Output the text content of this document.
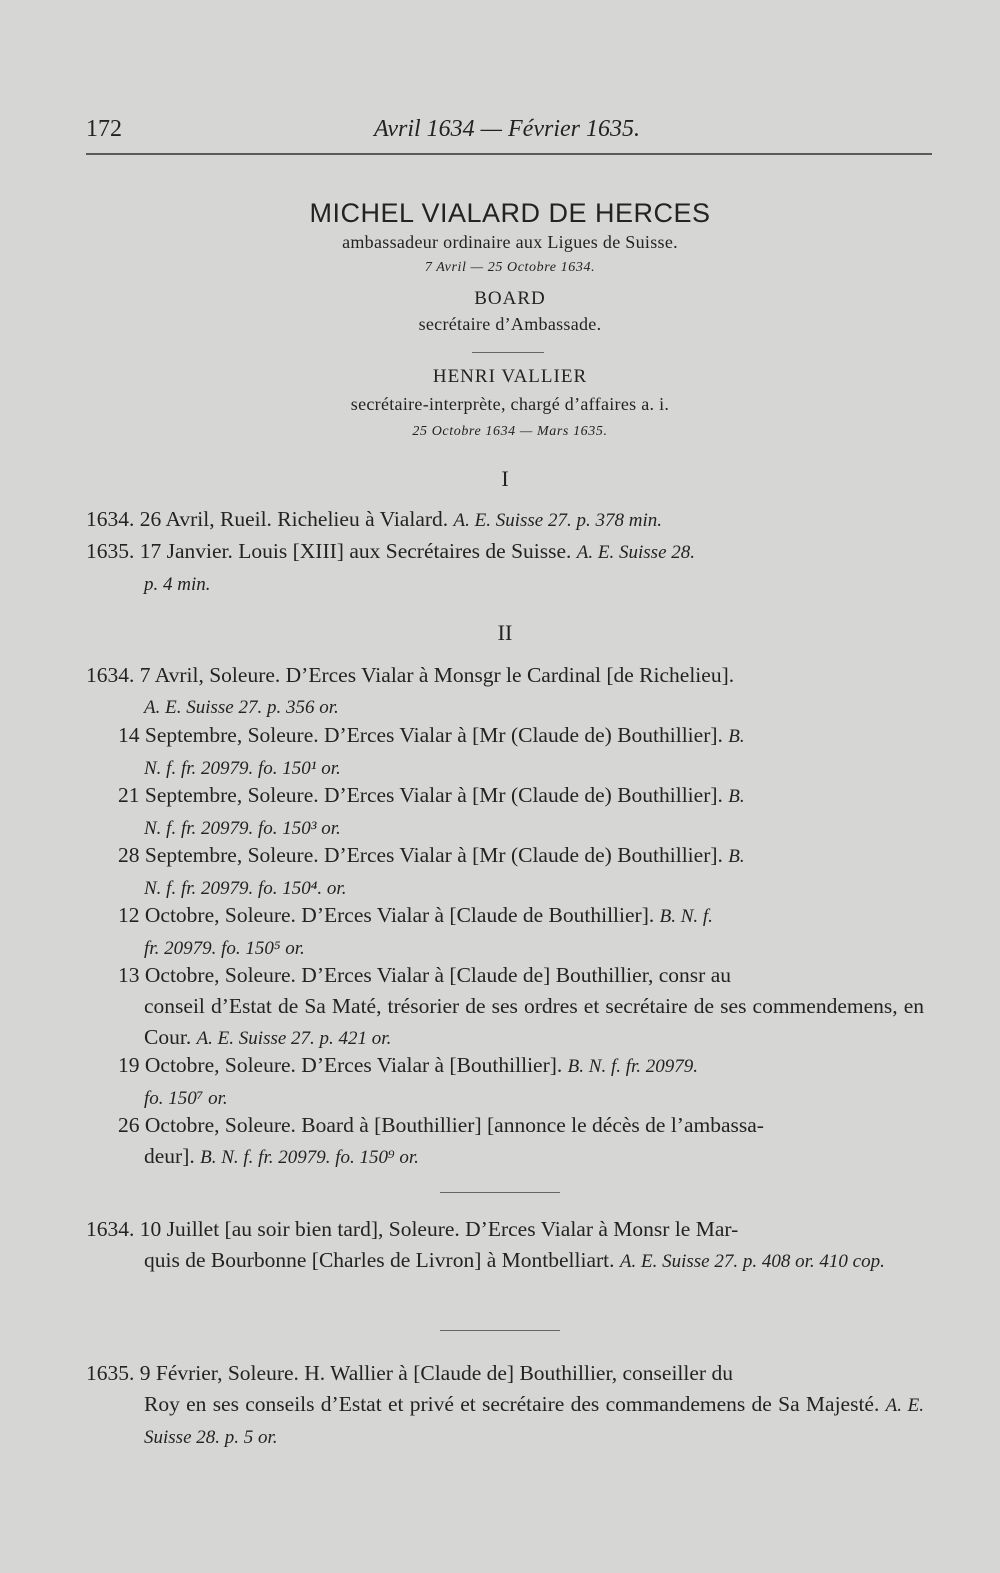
172	Avril 1634 — Février 1635.
MICHEL VIALARD DE HERCES
ambassadeur ordinaire aux Ligues de Suisse.
7 Avril — 25 Octobre 1634.
BOARD
secrétaire d’Ambassade.
HENRI VALLIER
secrétaire-interprète, chargé d’affaires a. i.
25 Octobre 1634 — Mars 1635.
I
1634. 26 Avril, Rueil. Richelieu à Vialard. A. E. Suisse 27. p. 378 min.
1635. 17 Janvier. Louis [XIII] aux Secrétaires de Suisse. A. E. Suisse 28.
p. 4 min.
II
1634. 7 Avril, Soleure. D’Erces Vialar à Monsgr le Cardinal [de Richelieu].
A. E. Suisse 27. p. 356 or.
14 Septembre, Soleure. D’Erces Vialar à [Mr (Claude de) Bouthillier]. B.
N. f. fr. 20979. fo. 150¹ or.
21 Septembre, Soleure. D’Erces Vialar à [Mr (Claude de) Bouthillier]. B.
N. f. fr. 20979. fo. 150³ or.
28 Septembre, Soleure. D’Erces Vialar à [Mr (Claude de) Bouthillier]. B.
N. f. fr. 20979. fo. 150⁴. or.
12 Octobre, Soleure. D’Erces Vialar à [Claude de Bouthillier]. B. N. f.
fr. 20979. fo. 150⁵ or.
13 Octobre, Soleure. D’Erces Vialar à [Claude de] Bouthillier, consr au
conseil d’Estat de Sa Maté, trésorier de ses ordres et secrétaire de ses commendemens, en Cour. A. E. Suisse 27. p. 421 or.
19 Octobre, Soleure. D’Erces Vialar à [Bouthillier]. B. N. f. fr. 20979.
fo. 150⁷ or.
26 Octobre, Soleure. Board à [Bouthillier] [annonce le décès de l’ambassa-
deur]. B. N. f. fr. 20979. fo. 150⁹ or.
1634. 10 Juillet [au soir bien tard], Soleure. D’Erces Vialar à Monsr le Mar-
quis de Bourbonne [Charles de Livron] à Montbelliart. A. E. Suisse 27. p. 408 or. 410 cop.
1635. 9 Février, Soleure. H. Wallier à [Claude de] Bouthillier, conseiller du
Roy en ses conseils d’Estat et privé et secrétaire des commandemens de Sa Majesté. A. E. Suisse 28. p. 5 or.
